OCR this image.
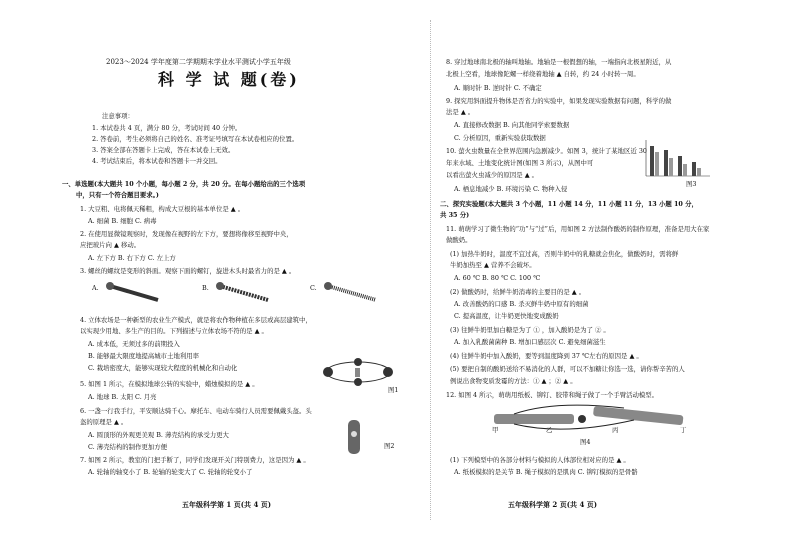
2023～2024 学年度第二学期期末学业水平测试小学五年级
科 学 试 题(卷)
注意事项：
1. 本试卷共 4 页，满分 80 分，考试时间 40 分钟。
2. 答卷前，考生必须将自己的姓名、准考证号填写在本试卷相应的位置。
3. 答案全部在答题卡上完成，答在本试卷上无效。
4. 考试结束后，将本试卷和答题卡一并交回。
一、单选题(本大题共 10 个小题，每小题 2 分，共 20 分。在每小题给出的三个选项
中，只有一个符合题目要求。)
1. 大豆粗、电将佩天稀粗，构成大豆根的基本单位是 ▲ 。
A. 细菌 B. 细胞 C. 病毒
2. 在使用显微镜观察时，发现像在视野的左下方，要想将像移至视野中央，
应把玻片向 ▲ 移动。
A. 左下方 B. 右下方 C. 左上方
3. 螺丝的螺纹是变形的斜面。观察下面的螺钉，旋进木头时最省力的是 ▲ 。
A.	B.	C.
4. 立体农场是一种新型的农业生产模式，就是将农作物种植在多层或高层建筑中，
以实现少用地、多生产的目的。下列描述与立体农场不符的是 ▲ 。
A. 成本低，无须过多的前期投入
B. 能够最大限度地提高城市土地利用率
C. 栽培密度大，能够实现较大程度的机械化和自动化
图1
5. 如图 1 所示，在模拟地球公转的实验中，蜡烛模拟的是 ▲ 。
A. 地球 B. 太阳 C. 月亮
6. 一盏一行我手行，平安顺达骑千心。摩托车、电动车骑行人员需要佩戴头盔。头
盔的原理是 ▲ 。
A. 圆顶形的外观更美观 B. 薄壳结构的承受力更大
C. 薄壳结构的制作更加方便	图2
7. 如图 2 所示，教室的门把手断了，同学们发现开关门特别费力，这是因为 ▲ 。
A. 轮轴的轴变小了 B. 轮轴的轮变大了 C. 轮轴的轮变小了
五年级科学第 1 页(共 4 页)
8. 穿过地球南北极的轴叫地轴。地轴是一根假想的轴，一端指向北极星附近，从
北极上空看，地球像陀螺一样绕着地轴 ▲ 自转，约 24 小时转一周。
A. 顺时针 B. 逆时针 C. 不确定
9. 探究用斜面提升物体是否省力的实验中，如果发现实验数据有问题，科学的做
法是 ▲ 。
A. 直接修改数据 B. 向其他同学索要数据
C. 分析原因，重新实验获取数据
10. 萤火虫数量在全世界范围内急剧减少。如图 3，统计了某地区近 30
年来水域、土地变化统计图(如图 3 所示)，从图中可
以看出萤火虫减少的原因是 ▲ 。
A. 栖息地减少 B. 环境污染 C. 物种入侵
图3
二、探究实验题(本大题共 3 个小题，11 小题 14 分，11 小题 11 分，13 小题 10 分，
共 35 分)
11. 萌萌学习了微生物的“功”与“过”后，用如图 2 方法制作酸奶的制作原理，准备是用大在家
做酸奶。
(1) 加热牛奶时，温度不宜过高，否则牛奶中的乳糖就会焦化，做酸奶时，需将鲜
牛奶加热至 ▲ 营养不会破坏。
A. 60 ℃ B. 80 ℃ C. 100 ℃
(2) 做酸奶时，给鲜牛奶消毒的主要目的是 ▲ 。
A. 改善酸奶的口感 B. 杀灭鲜牛奶中原有的细菌
C. 提高温度，让牛奶更快地变成酸奶
(3) 往鲜牛奶里加白糖是为了 ① ，加入酸奶是为了 ② 。
A. 加入乳酸菌菌种 B. 增加口感层次 C. 避免细菌滋生
(4) 往鲜牛奶中加入酸奶，要等到温度降到 37 ℃左右的原因是 ▲ 。
(5) 要把自制的酸奶送给不易消化的人群，可以不加糖让你选一选，请你帮辛苦的人
例说出食物变质发霉的方法：① ▲ ；② ▲ 。
12. 如图 4 所示，萌萌用纸板、铆钉、胶带和绳子做了一个手臂活动模型。
甲	乙	丙	丁
图4
(1) 下列模型中的各部分材料与模拟的人体部位相对应的是 ▲ 。
A. 纸板模拟的是关节 B. 绳子模拟的是肌肉 C. 铆钉模拟的是骨骼
五年级科学第 2 页(共 4 页)
